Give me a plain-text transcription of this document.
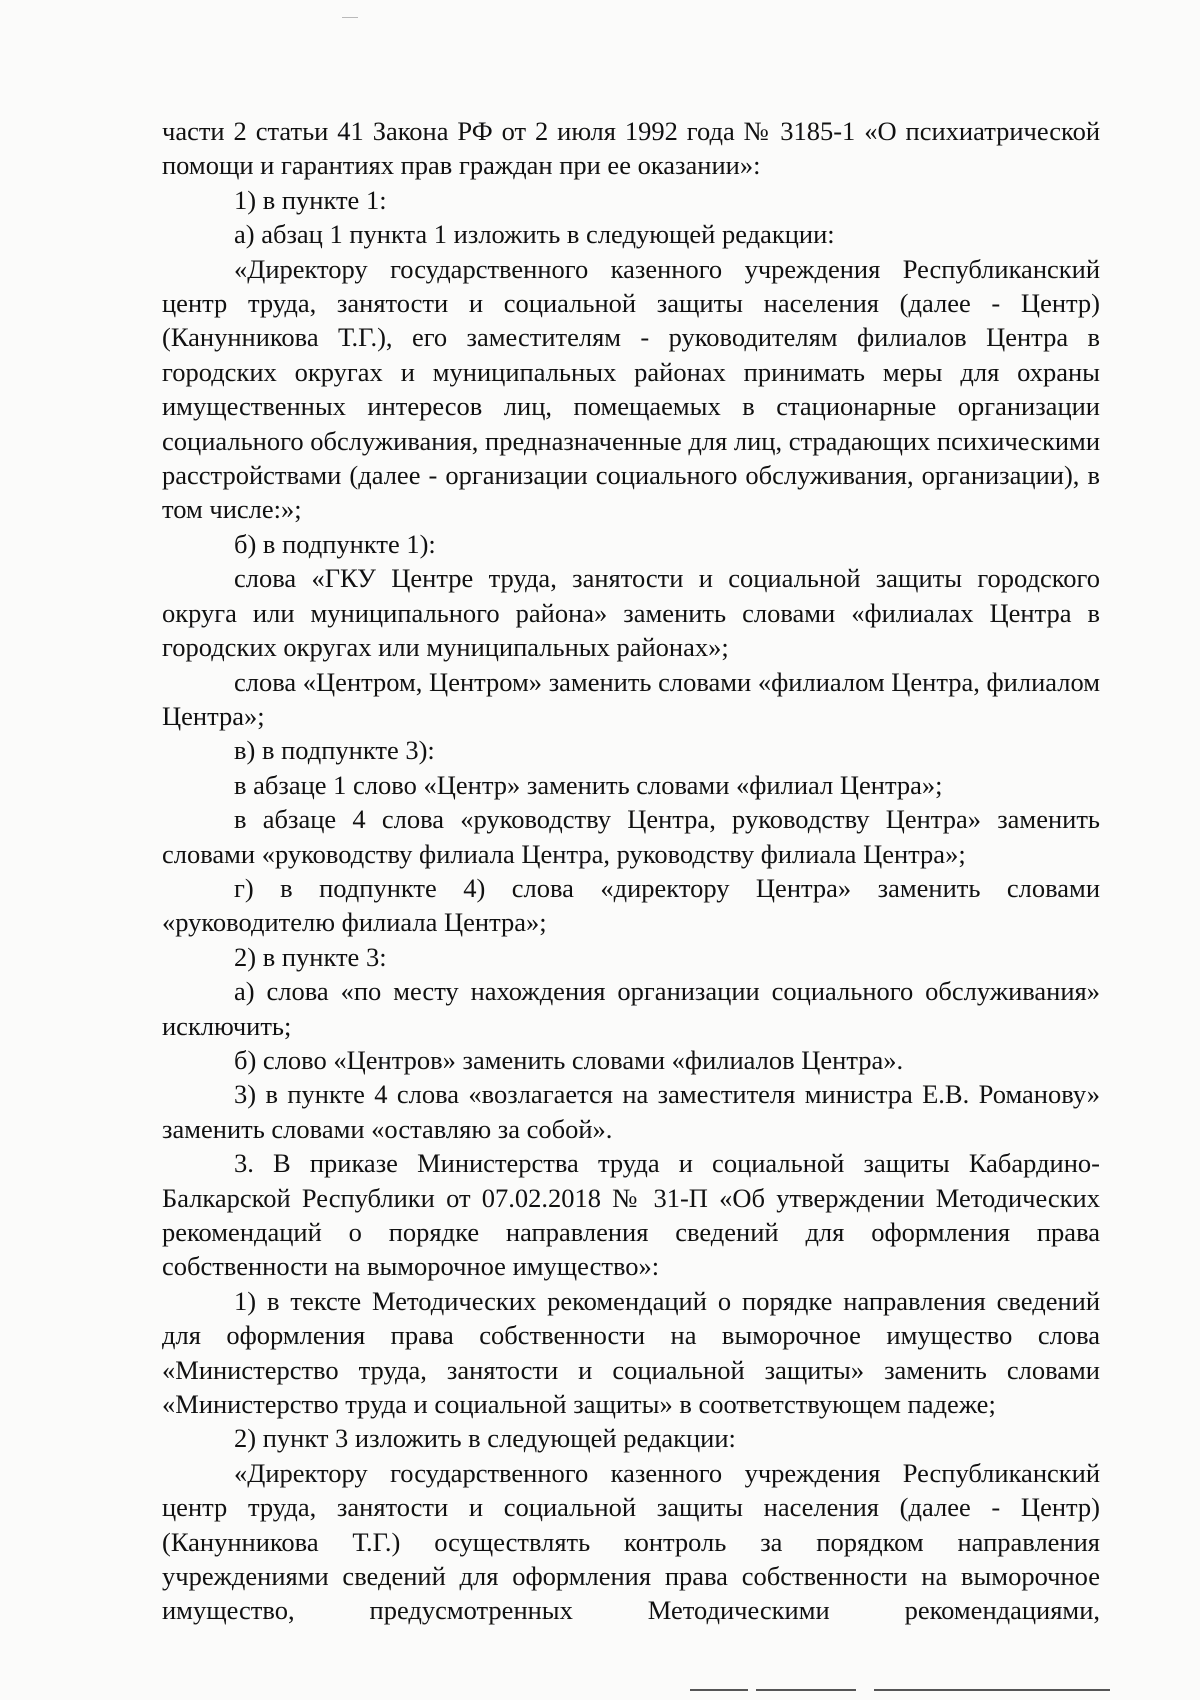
части 2 статьи 41 Закона РФ от 2 июля 1992 года № 3185-1 «О психиатрической помощи и гарантиях прав граждан при ее оказании»:

1) в пункте 1:

а) абзац 1 пункта 1 изложить в следующей редакции:

«Директору государственного казенного учреждения Республиканский центр труда, занятости и социальной защиты населения (далее - Центр) (Канунникова Т.Г.), его заместителям - руководителям филиалов Центра в городских округах и муниципальных районах принимать меры для охраны имущественных интересов лиц, помещаемых в стационарные организации социального обслуживания, предназначенные для лиц, страдающих психическими расстройствами (далее - организации социального обслуживания, организации), в том числе:»;

б) в подпункте 1):

слова «ГКУ Центре труда, занятости и социальной защиты городского округа или муниципального района» заменить словами «филиалах Центра в городских округах или муниципальных районах»;

слова «Центром, Центром» заменить словами «филиалом Центра, филиалом Центра»;

в) в подпункте 3):

в абзаце 1 слово «Центр» заменить словами «филиал Центра»;

в абзаце 4 слова «руководству Центра, руководству Центра» заменить словами «руководству филиала Центра, руководству филиала Центра»;

г) в подпункте 4) слова «директору Центра» заменить словами «руководителю филиала Центра»;

2) в пункте 3:

а) слова «по месту нахождения организации социального обслуживания» исключить;

б) слово «Центров» заменить словами «филиалов Центра».

3) в пункте 4 слова «возлагается на заместителя министра Е.В. Романову» заменить словами «оставляю за собой».

3. В приказе Министерства труда и социальной защиты Кабардино-Балкарской Республики от 07.02.2018 № 31-П «Об утверждении Методических рекомендаций о порядке направления сведений для оформления права собственности на выморочное имущество»:

1) в тексте Методических рекомендаций о порядке направления сведений для оформления права собственности на выморочное имущество слова «Министерство труда, занятости и социальной защиты» заменить словами «Министерство труда и социальной защиты» в соответствующем падеже;

2) пункт 3 изложить в следующей редакции:

«Директору государственного казенного учреждения Республиканский центр труда, занятости и социальной защиты населения (далее - Центр) (Канунникова Т.Г.) осуществлять контроль за порядком направления учреждениями сведений для оформления права собственности на выморочное имущество, предусмотренных Методическими рекомендациями,
